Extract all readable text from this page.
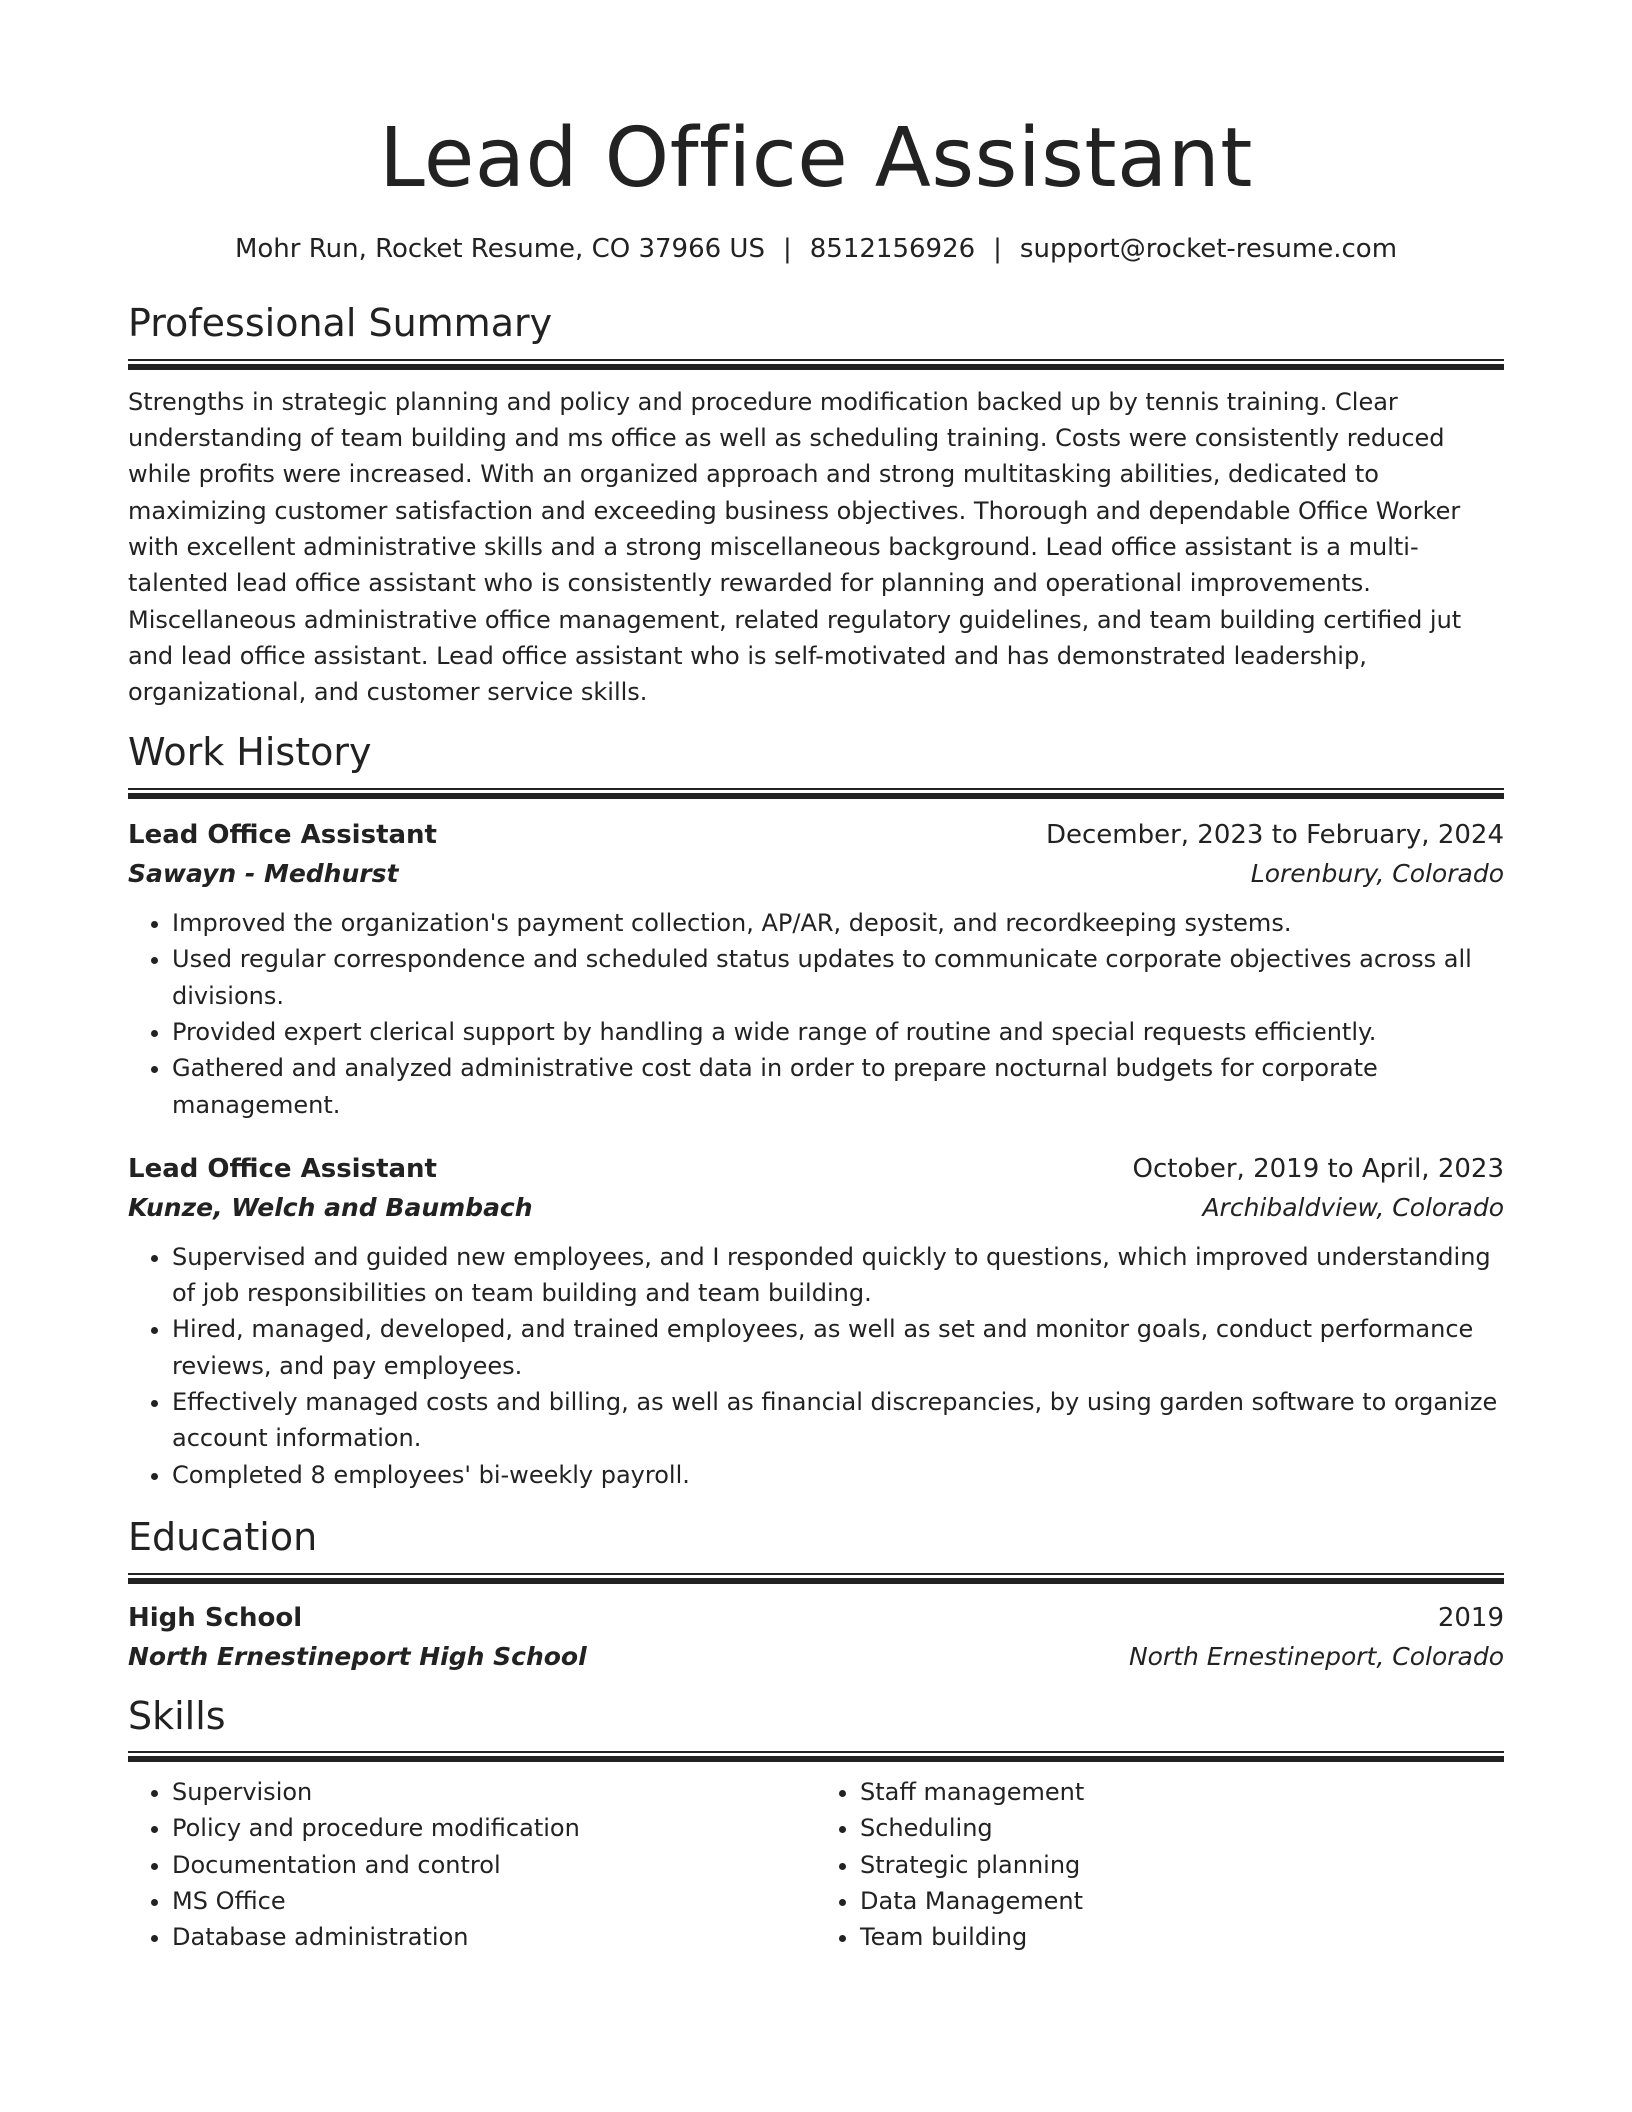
Lead Office Assistant
Mohr Run, Rocket Resume, CO 37966 US | 8512156926 | support@rocket-resume.com
Professional Summary

Strengths in strategic planning and policy and procedure modification backed up by tennis training. Clear understanding of team building and ms office as well as scheduling training. Costs were consistently reduced while profits were increased. With an organized approach and strong multitasking abilities, dedicated to maximizing customer satisfaction and exceeding business objectives. Thorough and dependable Office Worker with excellent administrative skills and a strong miscellaneous background. Lead office assistant is a multi-talented lead office assistant who is consistently rewarded for planning and operational improvements. Miscellaneous administrative office management, related regulatory guidelines, and team building certified jut and lead office assistant. Lead office assistant who is self-motivated and has demonstrated leadership, organizational, and customer service skills.

Work History
Lead Office Assistant	December, 2023 to February, 2024
Sawayn - Medhurst	Lorenbury, Colorado
• Improved the organization's payment collection, AP/AR, deposit, and recordkeeping systems.
• Used regular correspondence and scheduled status updates to communicate corporate objectives across all divisions.
• Provided expert clerical support by handling a wide range of routine and special requests efficiently.
• Gathered and analyzed administrative cost data in order to prepare nocturnal budgets for corporate management.
Lead Office Assistant	October, 2019 to April, 2023
Kunze, Welch and Baumbach	Archibaldview, Colorado
• Supervised and guided new employees, and I responded quickly to questions, which improved understanding of job responsibilities on team building and team building.
• Hired, managed, developed, and trained employees, as well as set and monitor goals, conduct performance reviews, and pay employees.
• Effectively managed costs and billing, as well as financial discrepancies, by using garden software to organize account information.
• Completed 8 employees' bi-weekly payroll.
Education
High School	2019
North Ernestineport High School	North Ernestineport, Colorado
Skills
• Supervision
• Policy and procedure modification
• Documentation and control
• MS Office
• Database administration
• Staff management
• Scheduling
• Strategic planning
• Data Management
• Team building
